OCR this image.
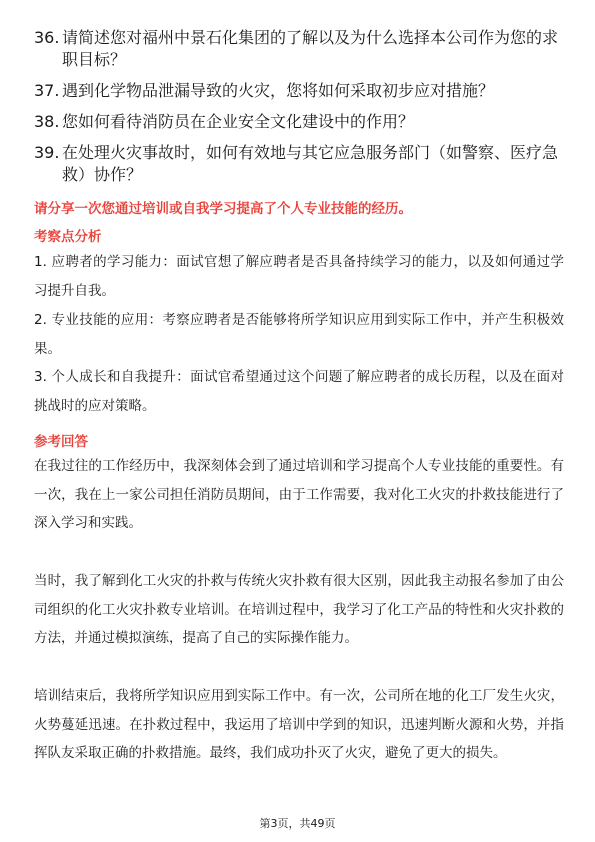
36. 请简述您对福州中景石化集团的了解以及为什么选择本公司作为您的求职目标？
37. 遇到化学物品泄漏导致的火灾，您将如何采取初步应对措施？
38. 您如何看待消防员在企业安全文化建设中的作用？
39. 在处理火灾事故时，如何有效地与其它应急服务部门（如警察、医疗急救）协作？
请分享一次您通过培训或自我学习提高了个人专业技能的经历。
考察点分析
1. 应聘者的学习能力：面试官想了解应聘者是否具备持续学习的能力，以及如何通过学习提升自我。
2. 专业技能的应用：考察应聘者是否能够将所学知识应用到实际工作中，并产生积极效果。
3. 个人成长和自我提升：面试官希望通过这个问题了解应聘者的成长历程，以及在面对挑战时的应对策略。
参考回答
在我过往的工作经历中，我深刻体会到了通过培训和学习提高个人专业技能的重要性。有一次，我在上一家公司担任消防员期间，由于工作需要，我对化工火灾的扑救技能进行了深入学习和实践。
当时，我了解到化工火灾的扑救与传统火灾扑救有很大区别，因此我主动报名参加了由公司组织的化工火灾扑救专业培训。在培训过程中，我学习了化工产品的特性和火灾扑救的方法，并通过模拟演练，提高了自己的实际操作能力。
培训结束后，我将所学知识应用到实际工作中。有一次，公司所在地的化工厂发生火灾，火势蔓延迅速。在扑救过程中，我运用了培训中学到的知识，迅速判断火源和火势，并指挥队友采取正确的扑救措施。最终，我们成功扑灭了火灾，避免了更大的损失。
第3页，共49页
